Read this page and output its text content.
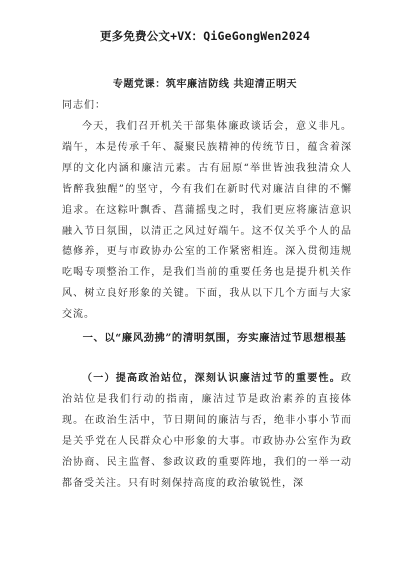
更多免费公文+VX：QiGeGongWen2024
专题党课：筑牢廉洁防线 共迎清正明天
同志们：

今天，我们召开机关干部集体廉政谈话会，意义非凡。端午，本是传承千年、凝聚民族精神的传统节日，蕴含着深厚的文化内涵和廉洁元素。古有屈原“举世皆浊我独清众人皆醉我独醒”的坚守，今有我们在新时代对廉洁自律的不懈追求。在这粽叶飘香、菖蒲摇曳之时，我们更应将廉洁意识融入节日氛围，以清正之风过好端午。这不仅关乎个人的品德修养，更与市政协办公室的工作紧密相连。深入贯彻违规吃喝专项整治工作，是我们当前的重要任务也是提升机关作风、树立良好形象的关键。下面，我从以下几个方面与大家交流。

一、以“廉风劲拂”的清明氛围，夯实廉洁过节思想根基

（一）提高政治站位，深刻认识廉洁过节的重要性。政治站位是我们行动的指南，廉洁过节是政治素养的直接体现。在政治生活中，节日期间的廉洁与否，绝非小事小节而是关乎党在人民群众心中形象的大事。市政协办公室作为政治协商、民主监督、参政议政的重要阵地，我们的一举一动都备受关注。只有时刻保持高度的政治敏锐性，深
